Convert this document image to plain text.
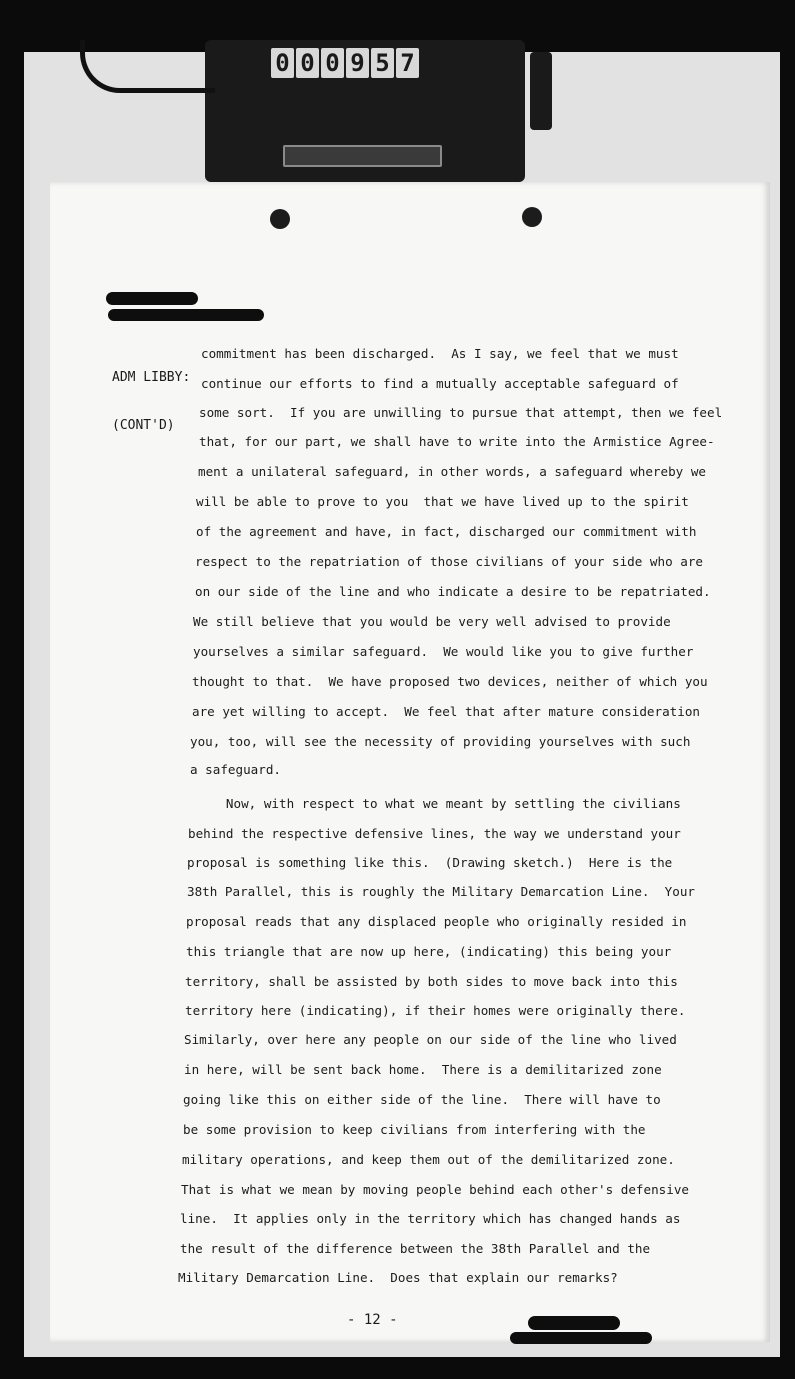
0 0 0 9 5 7

ADM LIBBY:

(CONT'D)

commitment has been discharged.  As I say, we feel that we must
continue our efforts to find a mutually acceptable safeguard of
some sort.  If you are unwilling to pursue that attempt, then we feel
that, for our part, we shall have to write into the Armistice Agree-
ment a unilateral safeguard, in other words, a safeguard whereby we
will be able to prove to you  that we have lived up to the spirit
of the agreement and have, in fact, discharged our commitment with
respect to the repatriation of those civilians of your side who are
on our side of the line and who indicate a desire to be repatriated.
We still believe that you would be very well advised to provide
yourselves a similar safeguard.  We would like you to give further
thought to that.  We have proposed two devices, neither of which you
are yet willing to accept.  We feel that after mature consideration
you, too, will see the necessity of providing yourselves with such
a safeguard.
Now, with respect to what we meant by settling the civilians
behind the respective defensive lines, the way we understand your
proposal is something like this.  (Drawing sketch.)  Here is the
38th Parallel, this is roughly the Military Demarcation Line.  Your
proposal reads that any displaced people who originally resided in
this triangle that are now up here, (indicating) this being your
territory, shall be assisted by both sides to move back into this
territory here (indicating), if their homes were originally there.
Similarly, over here any people on our side of the line who lived
in here, will be sent back home.  There is a demilitarized zone
going like this on either side of the line.  There will have to
be some provision to keep civilians from interfering with the
military operations, and keep them out of the demilitarized zone.
That is what we mean by moving people behind each other's defensive
line.  It applies only in the territory which has changed hands as
the result of the difference between the 38th Parallel and the
Military Demarcation Line.  Does that explain our remarks?
- 12 -
